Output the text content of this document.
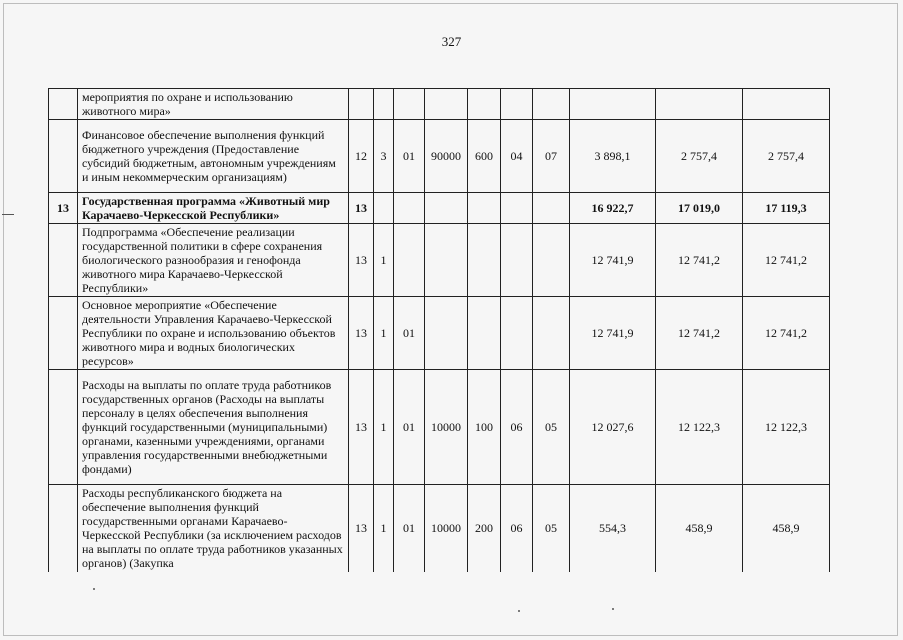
327
	мероприятия по охране и использованию животного мира»										
	Финансовое обеспечение выполнения функций бюджетного учреждения (Предоставление субсидий бюджетным, автономным учреждениям и иным некоммерческим организациям)	12	3	01	90000	600	04	07	3 898,1	2 757,4	2 757,4
13	Государственная программа «Животный мир Карачаево-Черкесской Республики»	13							16 922,7	17 019,0	17 119,3
	Подпрограмма «Обеспечение реализации государственной политики в сфере сохранения биологического разнообразия и генофонда животного мира Карачаево-Черкесской Республики»	13	1						12 741,9	12 741,2	12 741,2
	Основное мероприятие «Обеспечение деятельности Управления Карачаево-Черкесской Республики по охране и использованию объектов животного мира и водных биологических ресурсов»	13	1	01					12 741,9	12 741,2	12 741,2
	Расходы на выплаты по оплате труда работников государственных органов (Расходы на выплаты персоналу в целях обеспечения выполнения функций государственными (муниципальными) органами, казенными учреждениями, органами управления государственными внебюджетными фондами)	13	1	01	10000	100	06	05	12 027,6	12 122,3	12 122,3
	Расходы республиканского бюджета на обеспечение выполнения функций государственными органами Карачаево-Черкесской Республики (за исключением расходов на выплаты по оплате труда работников указанных органов) (Закупка	13	1	01	10000	200	06	05	554,3	458,9	458,9
